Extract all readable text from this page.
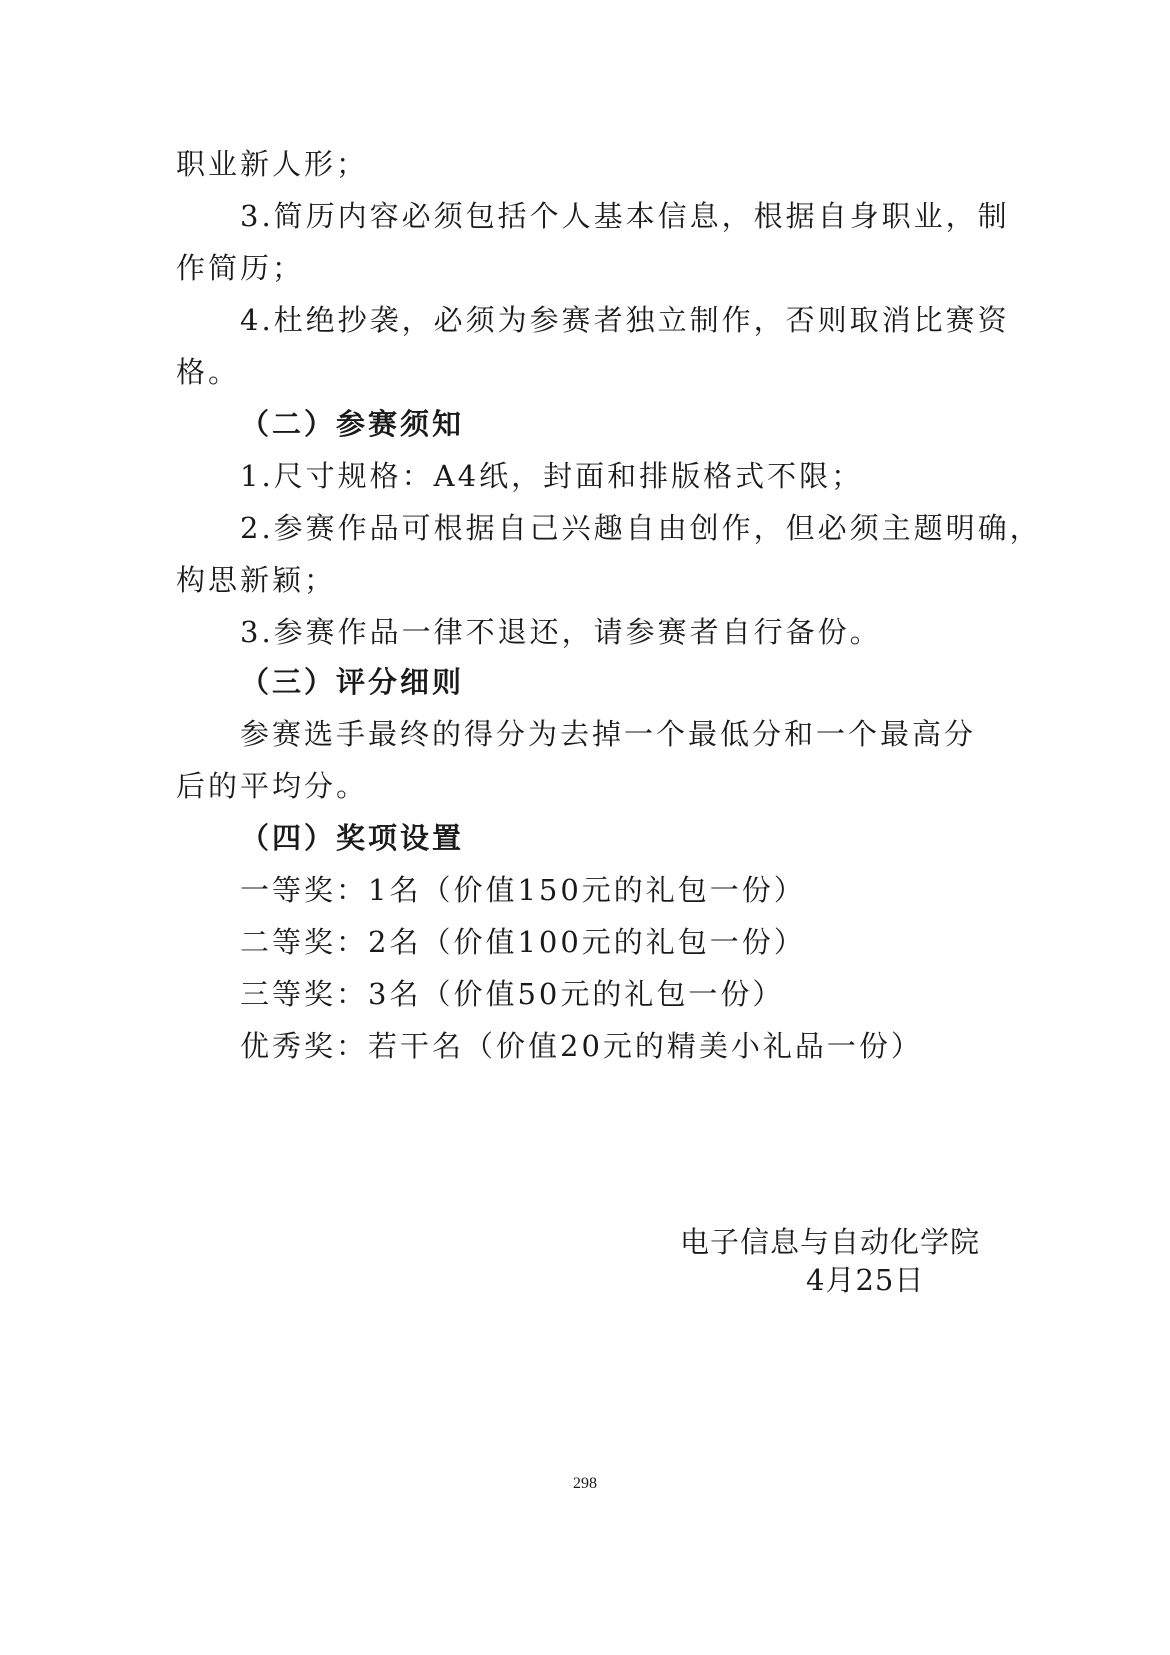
职业新人形；
3.简历内容必须包括个人基本信息，根据自身职业，制
作简历；
4.杜绝抄袭，必须为参赛者独立制作，否则取消比赛资
格。
（二）参赛须知
1.尺寸规格：A4纸，封面和排版格式不限；
2.参赛作品可根据自己兴趣自由创作，但必须主题明确，
构思新颖；
3.参赛作品一律不退还，请参赛者自行备份。
（三）评分细则
参赛选手最终的得分为去掉一个最低分和一个最高分
后的平均分。
（四）奖项设置
一等奖：1名（价值150元的礼包一份）
二等奖：2名（价值100元的礼包一份）
三等奖：3名（价值50元的礼包一份）
优秀奖：若干名（价值20元的精美小礼品一份）
电子信息与自动化学院
4月25日
298
